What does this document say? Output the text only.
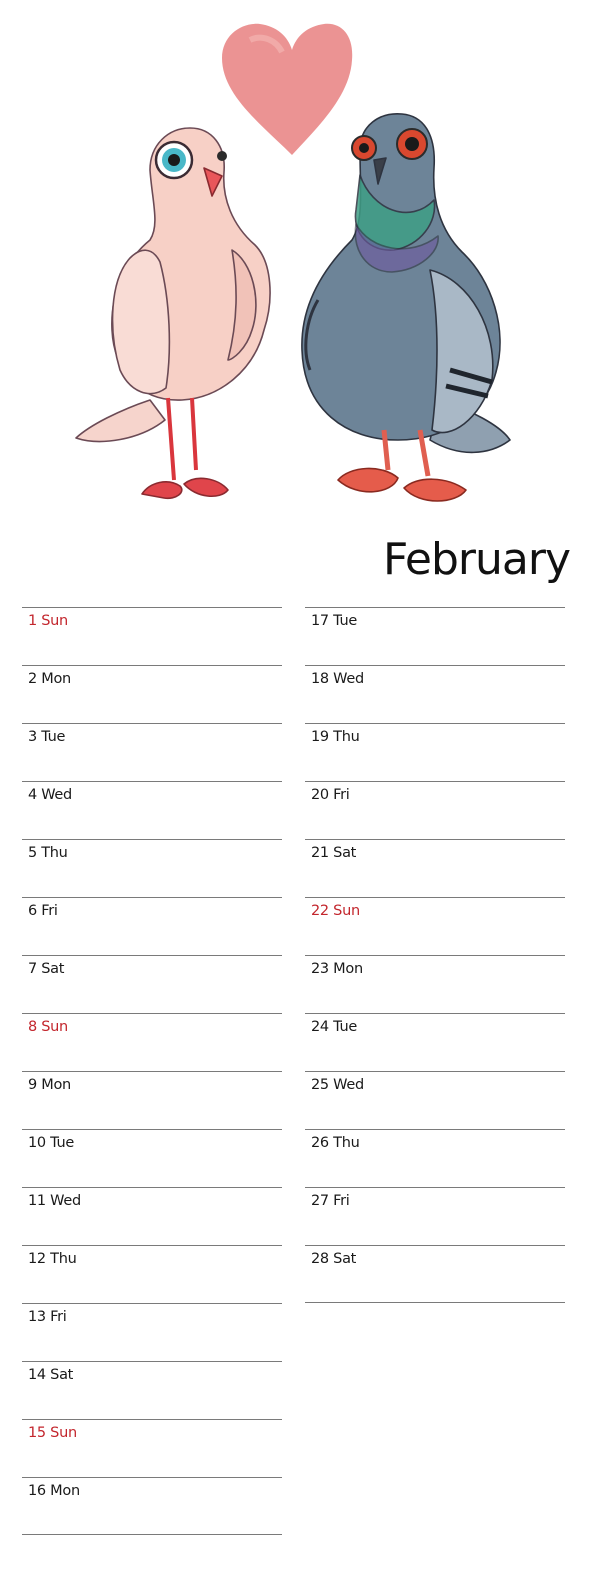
February
1 Sun
2 Mon
3 Tue
4 Wed
5 Thu
6 Fri
7 Sat
8 Sun
9 Mon
10 Tue
11 Wed
12 Thu
13 Fri
14 Sat
15 Sun
16 Mon
17 Tue
18 Wed
19 Thu
20 Fri
21 Sat
22 Sun
23 Mon
24 Tue
25 Wed
26 Thu
27 Fri
28 Sat
